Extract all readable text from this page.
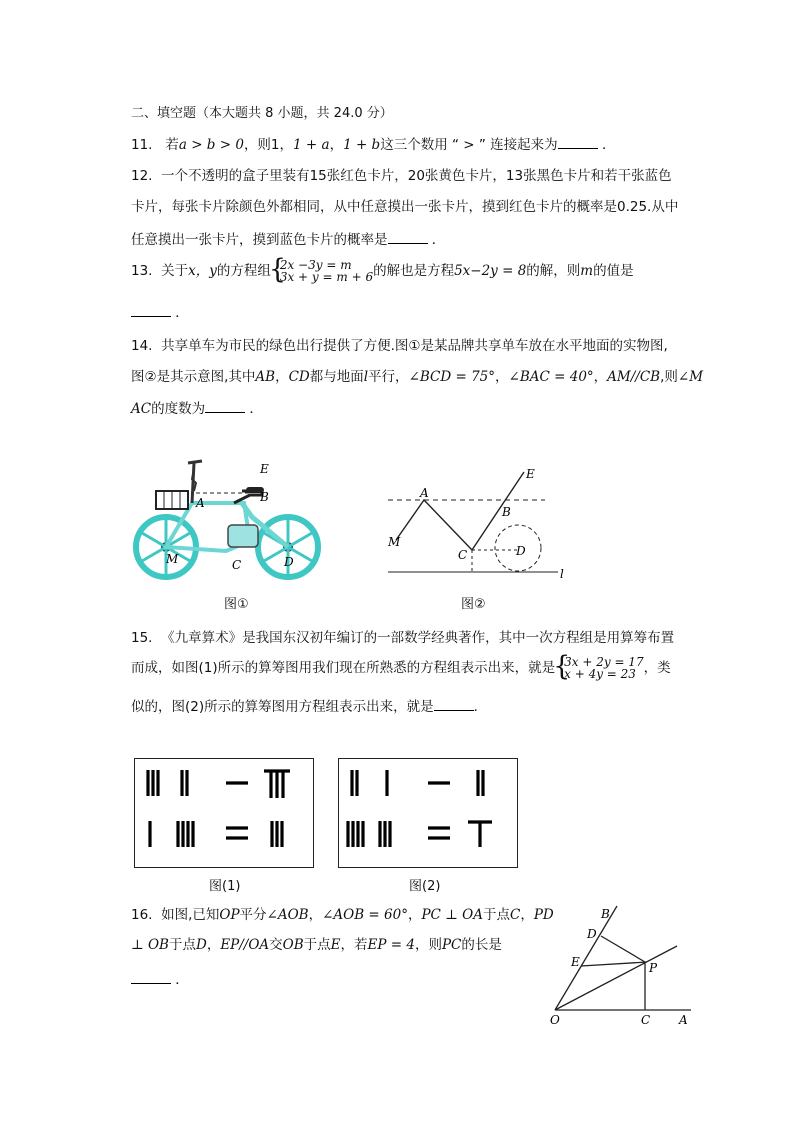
二、填空题（本大题共 8 小题，共 24.0 分）
11. 若a > b > 0，则1，1 + a，1 + b这三个数用 “ > ” 连接起来为	．
12. 一个不透明的盒子里装有15张红色卡片，20张黄色卡片，13张黑色卡片和若干张蓝色
卡片，每张卡片除颜色外都相同，从中任意摸出一张卡片，摸到红色卡片的概率是0.25.从中
任意摸出一张卡片，摸到蓝色卡片的概率是	．
13. 关于x，y的方程组 { 2x −3y = m
3x + y = m + 6的解也是方程5x−2y = 8的解，则m的值是
．
14. 共享单车为市民的绿色出行提供了方便.图①是某品牌共享单车放在水平地面的实物图,
图②是其示意图,其中AB，CD都与地面l平行，∠BCD = 75°，∠BAC = 40°，AM//CB,则∠M
AC的度数为	．
E
A	B
M	C	D
E
A
B
M
C	D
l
图①	图②
15. 《九章算术》是我国东汉初年编订的一部数学经典著作，其中一次方程组是用算筹布置
而成，如图(1)所示的算筹图用我们现在所熟悉的方程组表示出来，就是 { 3x + 2y = 17
x + 4y = 23 ，类
似的，图(2)所示的算筹图用方程组表示出来，就是	．
图(1)	图(2)
16. 如图,已知OP平分∠AOB，∠AOB = 60°，PC ⊥ OA于点C，PD
⊥ OB于点D，EP//OA交OB于点E，若EP = 4，则PC的长是
．
B
D
E	P
O	C A
